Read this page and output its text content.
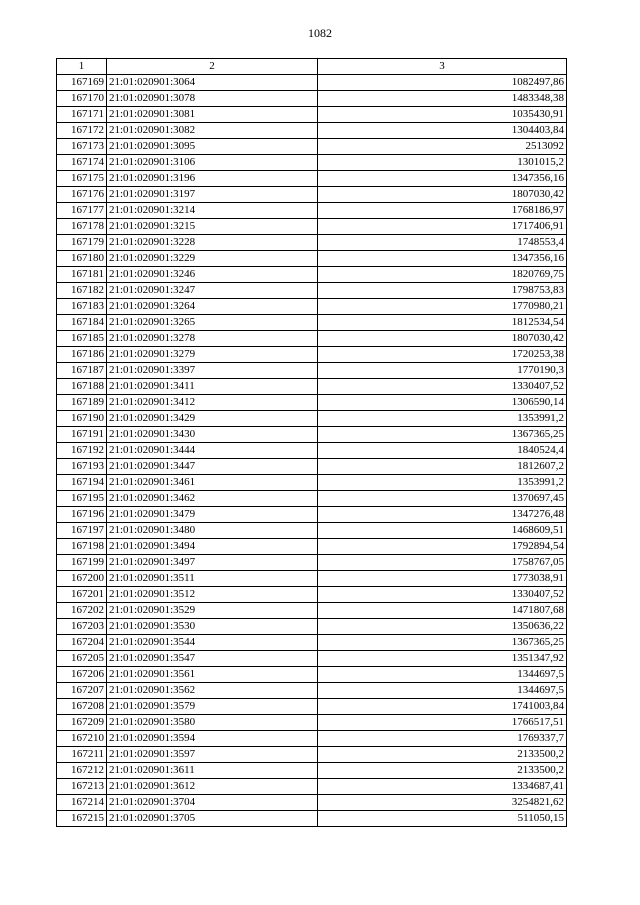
1082
1	2	3
167169	21:01:020901:3064	1082497,86
167170	21:01:020901:3078	1483348,38
167171	21:01:020901:3081	1035430,91
167172	21:01:020901:3082	1304403,84
167173	21:01:020901:3095	2513092
167174	21:01:020901:3106	1301015,2
167175	21:01:020901:3196	1347356,16
167176	21:01:020901:3197	1807030,42
167177	21:01:020901:3214	1768186,97
167178	21:01:020901:3215	1717406,91
167179	21:01:020901:3228	1748553,4
167180	21:01:020901:3229	1347356,16
167181	21:01:020901:3246	1820769,75
167182	21:01:020901:3247	1798753,83
167183	21:01:020901:3264	1770980,21
167184	21:01:020901:3265	1812534,54
167185	21:01:020901:3278	1807030,42
167186	21:01:020901:3279	1720253,38
167187	21:01:020901:3397	1770190,3
167188	21:01:020901:3411	1330407,52
167189	21:01:020901:3412	1306590,14
167190	21:01:020901:3429	1353991,2
167191	21:01:020901:3430	1367365,25
167192	21:01:020901:3444	1840524,4
167193	21:01:020901:3447	1812607,2
167194	21:01:020901:3461	1353991,2
167195	21:01:020901:3462	1370697,45
167196	21:01:020901:3479	1347276,48
167197	21:01:020901:3480	1468609,51
167198	21:01:020901:3494	1792894,54
167199	21:01:020901:3497	1758767,05
167200	21:01:020901:3511	1773038,91
167201	21:01:020901:3512	1330407,52
167202	21:01:020901:3529	1471807,68
167203	21:01:020901:3530	1350636,22
167204	21:01:020901:3544	1367365,25
167205	21:01:020901:3547	1351347,92
167206	21:01:020901:3561	1344697,5
167207	21:01:020901:3562	1344697,5
167208	21:01:020901:3579	1741003,84
167209	21:01:020901:3580	1766517,51
167210	21:01:020901:3594	1769337,7
167211	21:01:020901:3597	2133500,2
167212	21:01:020901:3611	2133500,2
167213	21:01:020901:3612	1334687,41
167214	21:01:020901:3704	3254821,62
167215	21:01:020901:3705	511050,15
